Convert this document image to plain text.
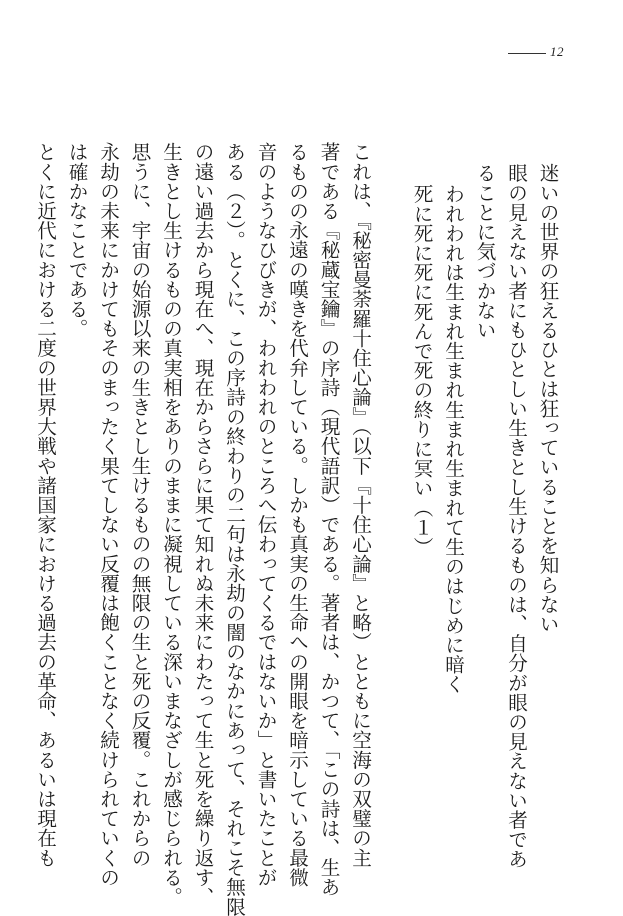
12
迷いの世界の狂えるひとは狂っていることを知らない
眼の見えない者にもひとしい生きとし生けるものは、自分が眼の見えない者であ
ることに気づかない
われわれは生まれ生まれ生まれ生まれて生のはじめに暗く
死に死に死に死んで死の終りに冥い（１）
これは、『秘密曼荼羅十住心論』（以下『十住心論』と略）とともに空海の双璧の主
著である『秘蔵宝鑰』の序詩（現代語訳）である。著者は、かつて、「この詩は、生あ
るものの永遠の嘆きを代弁している。しかも真実の生命への開眼を暗示している最微
音のようなひびきが、われわれのところへ伝わってくるではないか」と書いたことが
ある（２）。とくに、この序詩の終わりの二句は永劫の闇のなかにあって、それこそ無限
の遠い過去から現在へ、現在からさらに果て知れぬ未来にわたって生と死を繰り返す、
生きとし生けるものの真実相をありのままに凝視している深いまなざしが感じられる。
思うに、宇宙の始源以来の生きとし生けるものの無限の生と死の反覆。これからの
永劫の未来にかけてもそのまったく果てしない反覆は飽くことなく続けられていくの
は確かなことである。
とくに近代における二度の世界大戦や諸国家における過去の革命、あるいは現在も
